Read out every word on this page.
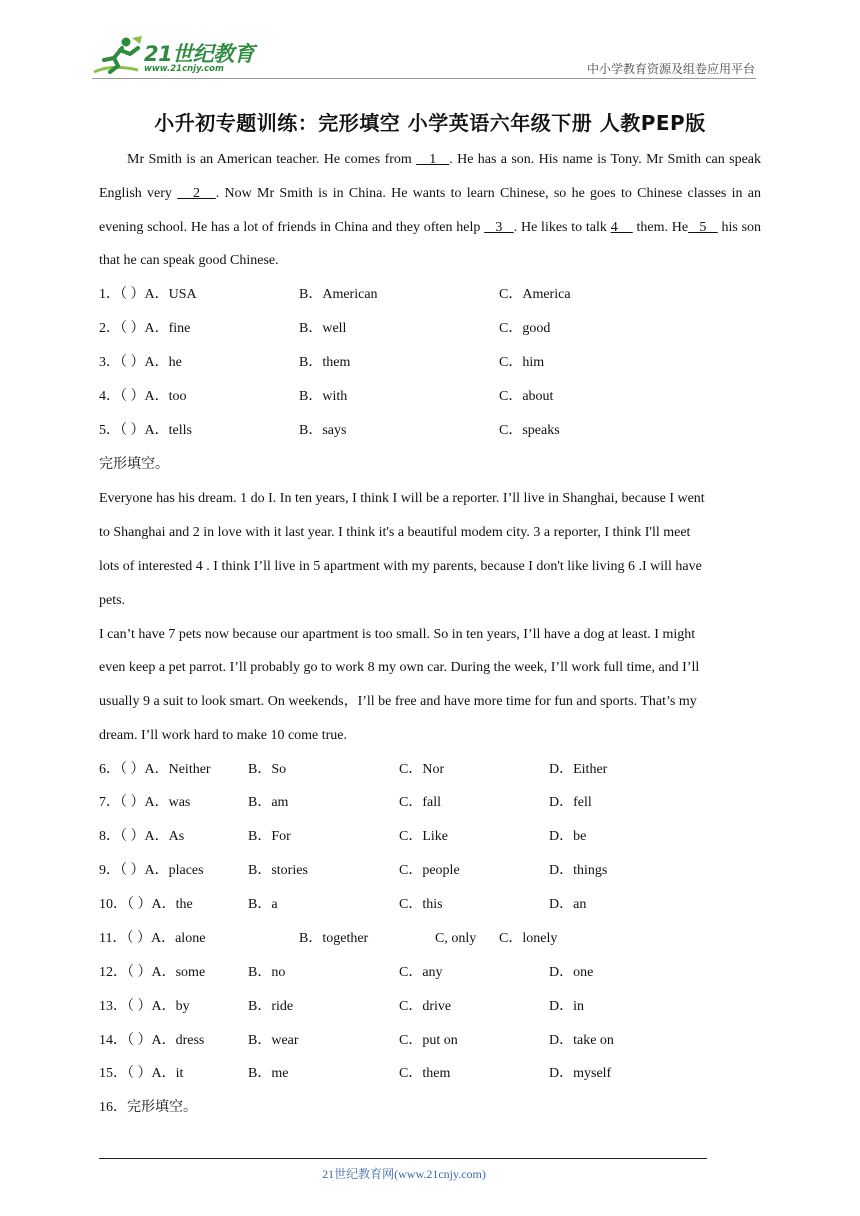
21世纪教育
www.21cnjy.com	中小学教育资源及组卷应用平台
小升初专题训练：完形填空 小学英语六年级下册 人教PEP版
Mr Smith is an American teacher. He comes from    1   . He has a son. His name is Tony. Mr Smith can speak English very    2   . Now Mr Smith is in China. He wants to learn Chinese, so he goes to Chinese classes in an evening school. He has a lot of friends in China and they often help    3   . He likes to talk 4     them. He   5    his son that he can speak good Chinese.
1．（ ）A．USA	B．American	C．America
2．（ ）A．fine	B．well	C．good
3．（ ）A．he	B．them	C．him
4．（ ）A．too	B．with	C．about
5．（ ）A．tells	B．says	C．speaks
完形填空。
Everyone has his dream. 1 do I. In ten years, I think I will be a reporter. I’ll live in Shanghai, because I went
to Shanghai and 2 in love with it last year. I think it's a beautiful modem city. 3 a reporter, I think I'll meet
lots of interested 4 . I think I’ll live in 5 apartment with my parents, because I don't like living 6 .I will have
pets.
I can’t have 7 pets now because our apartment is too small. So in ten years, I’ll have a dog at least. I might
even keep a pet parrot. I’ll probably go to work 8 my own car. During the week, I’ll work full time, and I’ll
usually 9 a suit to look smart. On weekends，I’ll be free and have more time for fun and sports. That’s my
dream. I’ll work hard to make 10 come true.
6．（ ）A．Neither	B．So	C．Nor	D．Either
7．（ ）A．was	B．am	C．fall	D．fell
8．（ ）A．As	B．For	C．Like	D．be
9．（ ）A．places	B．stories	C．people	D．things
10．（ ）A．the	B．a	C．this	D．an
11．（ ）A．alone	B．together	C, only C．lonely
12．（ ）A．some	B．no	C．any	D．one
13．（ ）A．by	B．ride	C．drive	D．in
14．（ ）A．dress	B．wear	C．put on	D．take on
15．（ ）A．it	B．me	C．them	D．myself
16．完形填空。
21世纪教育网(www.21cnjy.com)
